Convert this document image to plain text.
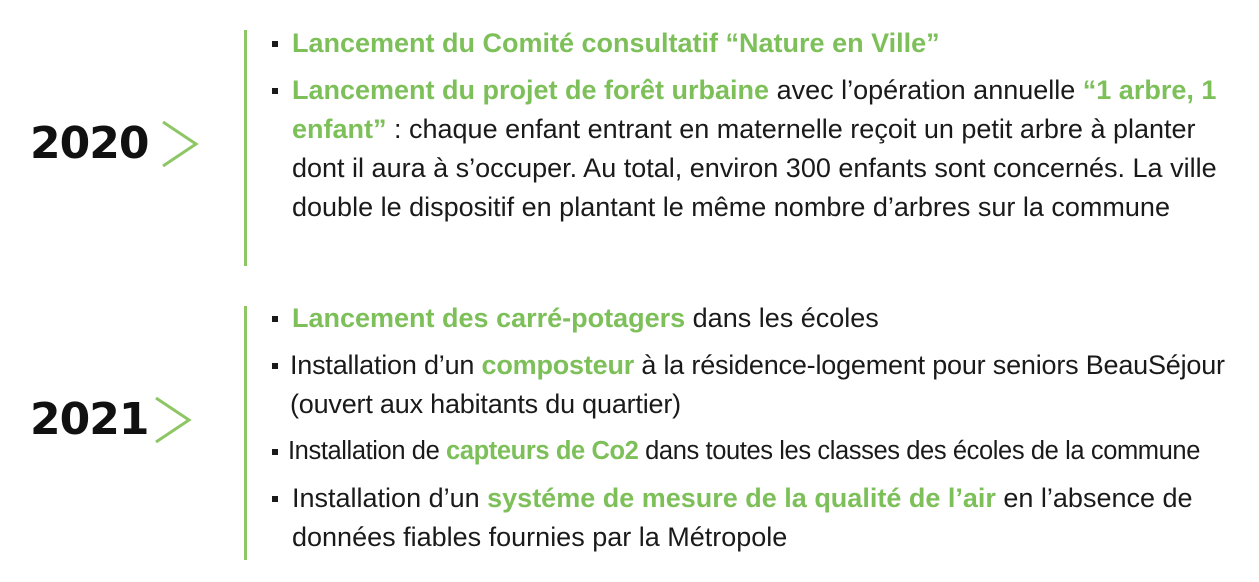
2020
Lancement du Comité consultatif “Nature en Ville”
Lancement du projet de forêt urbaine avec l’opération annuelle “1 arbre, 1 enfant” : chaque enfant entrant en maternelle reçoit un petit arbre à planter dont il aura à s’occuper. Au total, environ 300 enfants sont concernés. La ville double le dispositif en plantant le même nombre d’arbres sur la commune
2021
Lancement des carré-potagers dans les écoles
Installation d’un composteur à la résidence-logement pour seniors BeauSéjour (ouvert aux habitants du quartier)
Installation de capteurs de Co2 dans toutes les classes des écoles de la commune
Installation d’un systéme de mesure de la qualité de l’air en l’absence de données fiables fournies par la Métropole
